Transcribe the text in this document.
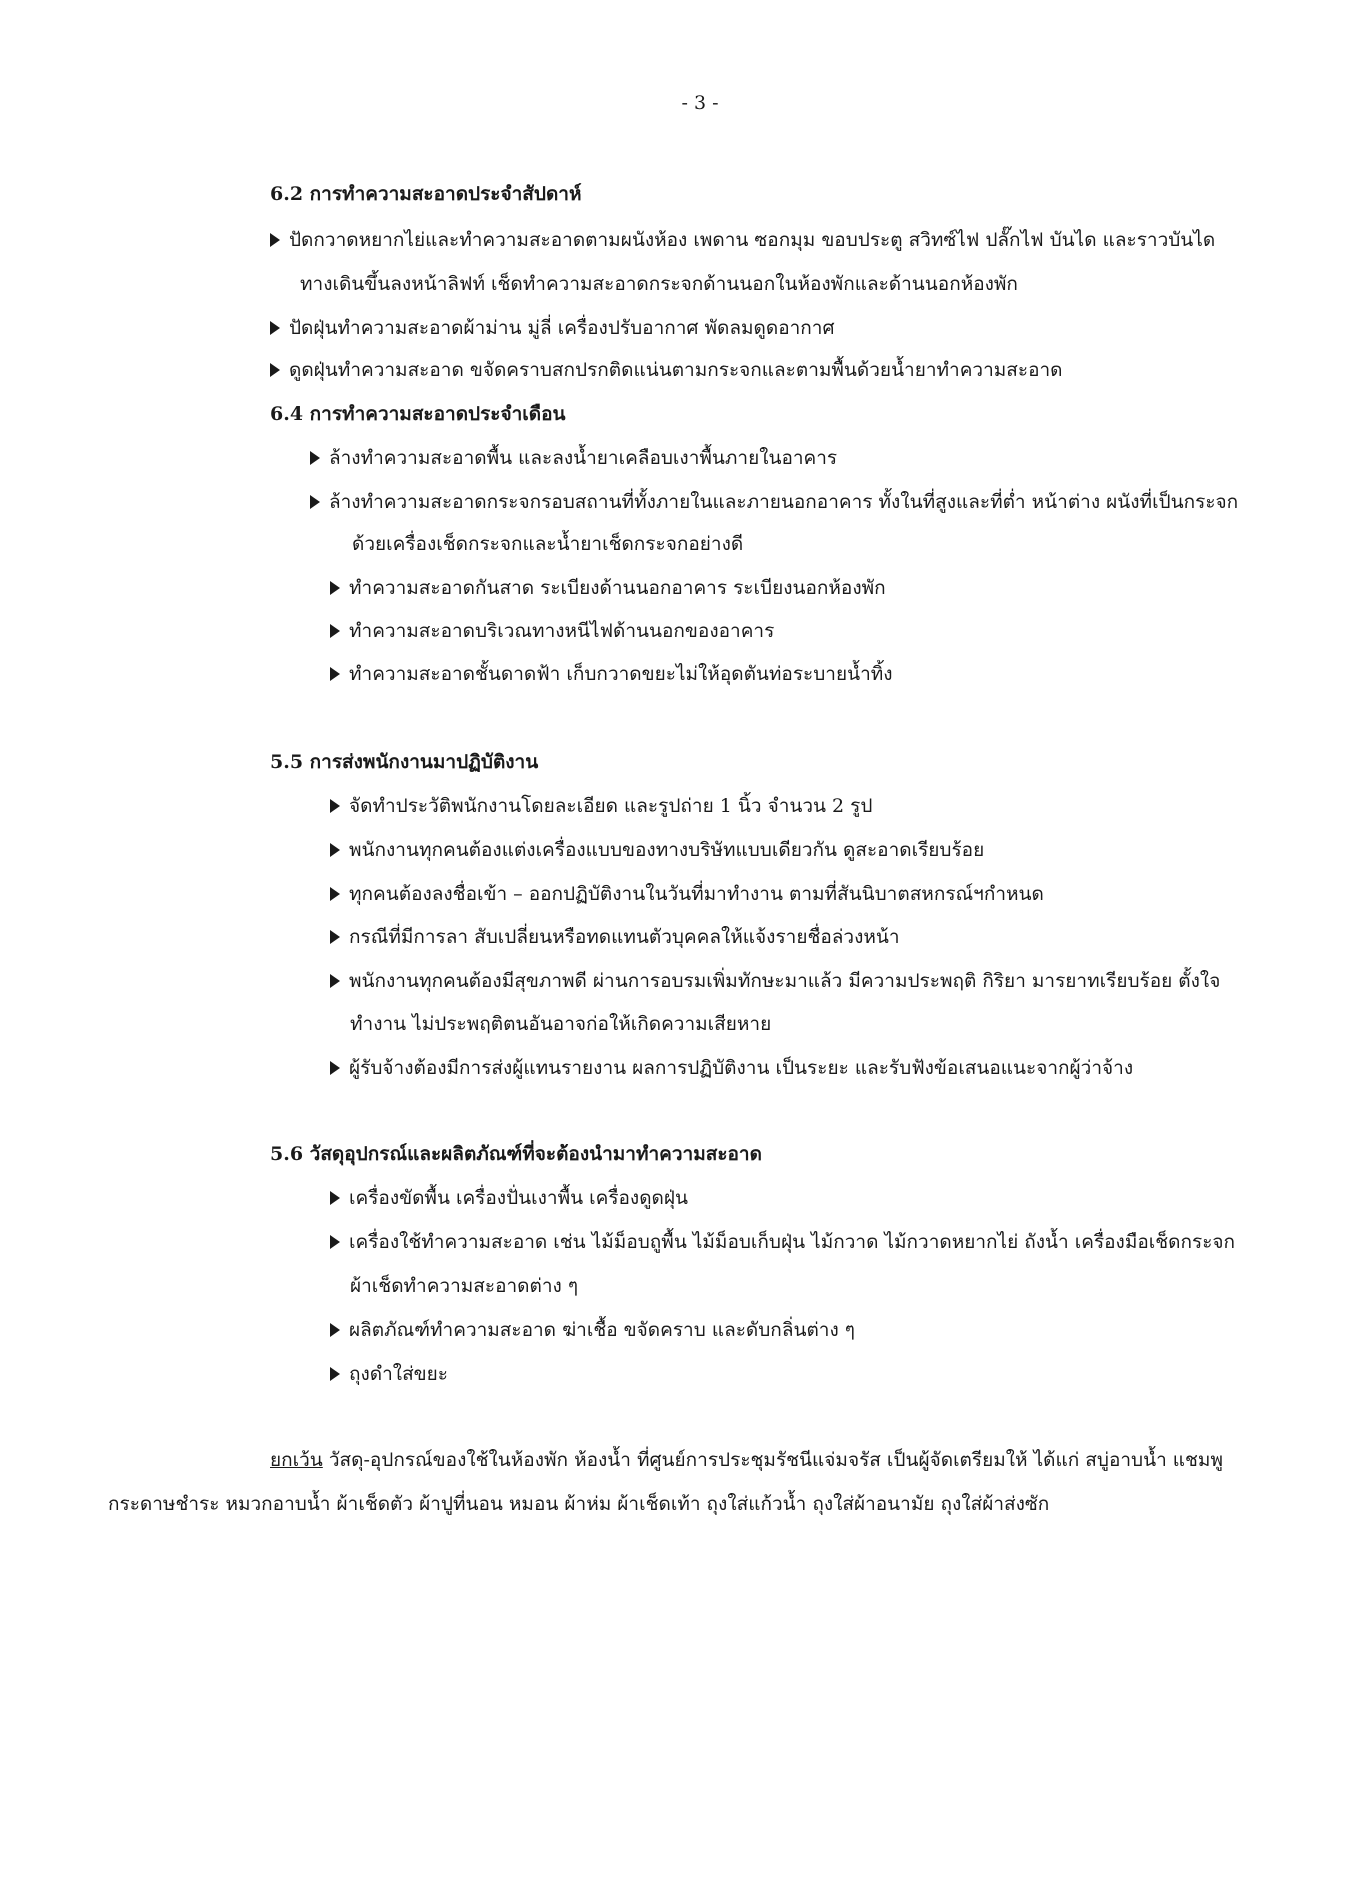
- 3 -
6.2 การทำความสะอาดประจำสัปดาห์
ปัดกวาดหยากไย่และทำความสะอาดตามผนังห้อง เพดาน ซอกมุม ขอบประตู สวิทซ์ไฟ ปลั๊กไฟ บันได และราวบันได
ทางเดินขึ้นลงหน้าลิฟท์ เช็ดทำความสะอาดกระจกด้านนอกในห้องพักและด้านนอกห้องพัก
ปัดฝุ่นทำความสะอาดผ้าม่าน มู่ลี่ เครื่องปรับอากาศ พัดลมดูดอากาศ
ดูดฝุ่นทำความสะอาด ขจัดคราบสกปรกติดแน่นตามกระจกและตามพื้นด้วยน้ำยาทำความสะอาด
6.4 การทำความสะอาดประจำเดือน
ล้างทำความสะอาดพื้น และลงน้ำยาเคลือบเงาพื้นภายในอาคาร
ล้างทำความสะอาดกระจกรอบสถานที่ทั้งภายในและภายนอกอาคาร ทั้งในที่สูงและที่ต่ำ หน้าต่าง ผนังที่เป็นกระจก
ด้วยเครื่องเช็ดกระจกและน้ำยาเช็ดกระจกอย่างดี
ทำความสะอาดกันสาด ระเบียงด้านนอกอาคาร ระเบียงนอกห้องพัก
ทำความสะอาดบริเวณทางหนีไฟด้านนอกของอาคาร
ทำความสะอาดชั้นดาดฟ้า เก็บกวาดขยะไม่ให้อุดตันท่อระบายน้ำทิ้ง
5.5 การส่งพนักงานมาปฏิบัติงาน
จัดทำประวัติพนักงานโดยละเอียด และรูปถ่าย 1 นิ้ว จำนวน 2 รูป
พนักงานทุกคนต้องแต่งเครื่องแบบของทางบริษัทแบบเดียวกัน ดูสะอาดเรียบร้อย
ทุกคนต้องลงชื่อเข้า – ออกปฏิบัติงานในวันที่มาทำงาน ตามที่สันนิบาตสหกรณ์ฯกำหนด
กรณีที่มีการลา สับเปลี่ยนหรือทดแทนตัวบุคคลให้แจ้งรายชื่อล่วงหน้า
พนักงานทุกคนต้องมีสุขภาพดี ผ่านการอบรมเพิ่มทักษะมาแล้ว มีความประพฤติ กิริยา มารยาทเรียบร้อย ตั้งใจ
ทำงาน ไม่ประพฤติตนอันอาจก่อให้เกิดความเสียหาย
ผู้รับจ้างต้องมีการส่งผู้แทนรายงาน ผลการปฏิบัติงาน เป็นระยะ และรับฟังข้อเสนอแนะจากผู้ว่าจ้าง
5.6 วัสดุอุปกรณ์และผลิตภัณฑ์ที่จะต้องนำมาทำความสะอาด
เครื่องขัดพื้น เครื่องปั่นเงาพื้น เครื่องดูดฝุ่น
เครื่องใช้ทำความสะอาด เช่น ไม้ม็อบถูพื้น ไม้ม็อบเก็บฝุ่น ไม้กวาด ไม้กวาดหยากไย่ ถังน้ำ เครื่องมือเช็ดกระจก
ผ้าเช็ดทำความสะอาดต่าง ๆ
ผลิตภัณฑ์ทำความสะอาด ฆ่าเชื้อ ขจัดคราบ และดับกลิ่นต่าง ๆ
ถุงดำใส่ขยะ
ยกเว้น วัสดุ-อุปกรณ์ของใช้ในห้องพัก ห้องน้ำ ที่ศูนย์การประชุมรัชนีแจ่มจรัส เป็นผู้จัดเตรียมให้ ได้แก่ สบู่อาบน้ำ แชมพู
กระดาษชำระ หมวกอาบน้ำ ผ้าเช็ดตัว ผ้าปูที่นอน หมอน ผ้าห่ม ผ้าเช็ดเท้า ถุงใส่แก้วน้ำ ถุงใส่ผ้าอนามัย ถุงใส่ผ้าส่งซัก
